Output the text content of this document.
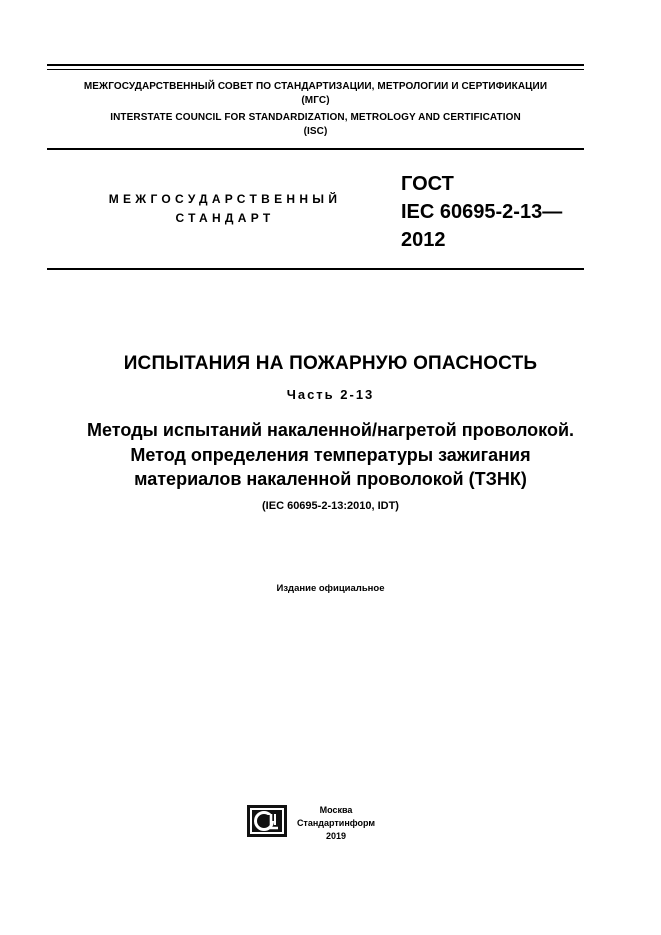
МЕЖГОСУДАРСТВЕННЫЙ СОВЕТ ПО СТАНДАРТИЗАЦИИ, МЕТРОЛОГИИ И СЕРТИФИКАЦИИ
(МГС)
INTERSTATE COUNCIL FOR STANDARDIZATION, METROLOGY AND CERTIFICATION
(ISC)
МЕЖГОСУДАРСТВЕННЫЙ
СТАНДАРТ
ГОСТ
IEC 60695-2-13—
2012
ИСПЫТАНИЯ НА ПОЖАРНУЮ ОПАСНОСТЬ
Часть 2-13
Методы испытаний накаленной/нагретой проволокой.
Метод определения температуры зажигания
материалов накаленной проволокой (ТЗНК)
(IEC 60695-2-13:2010, IDT)
Издание официальное
Москва
Стандартинформ
2019
